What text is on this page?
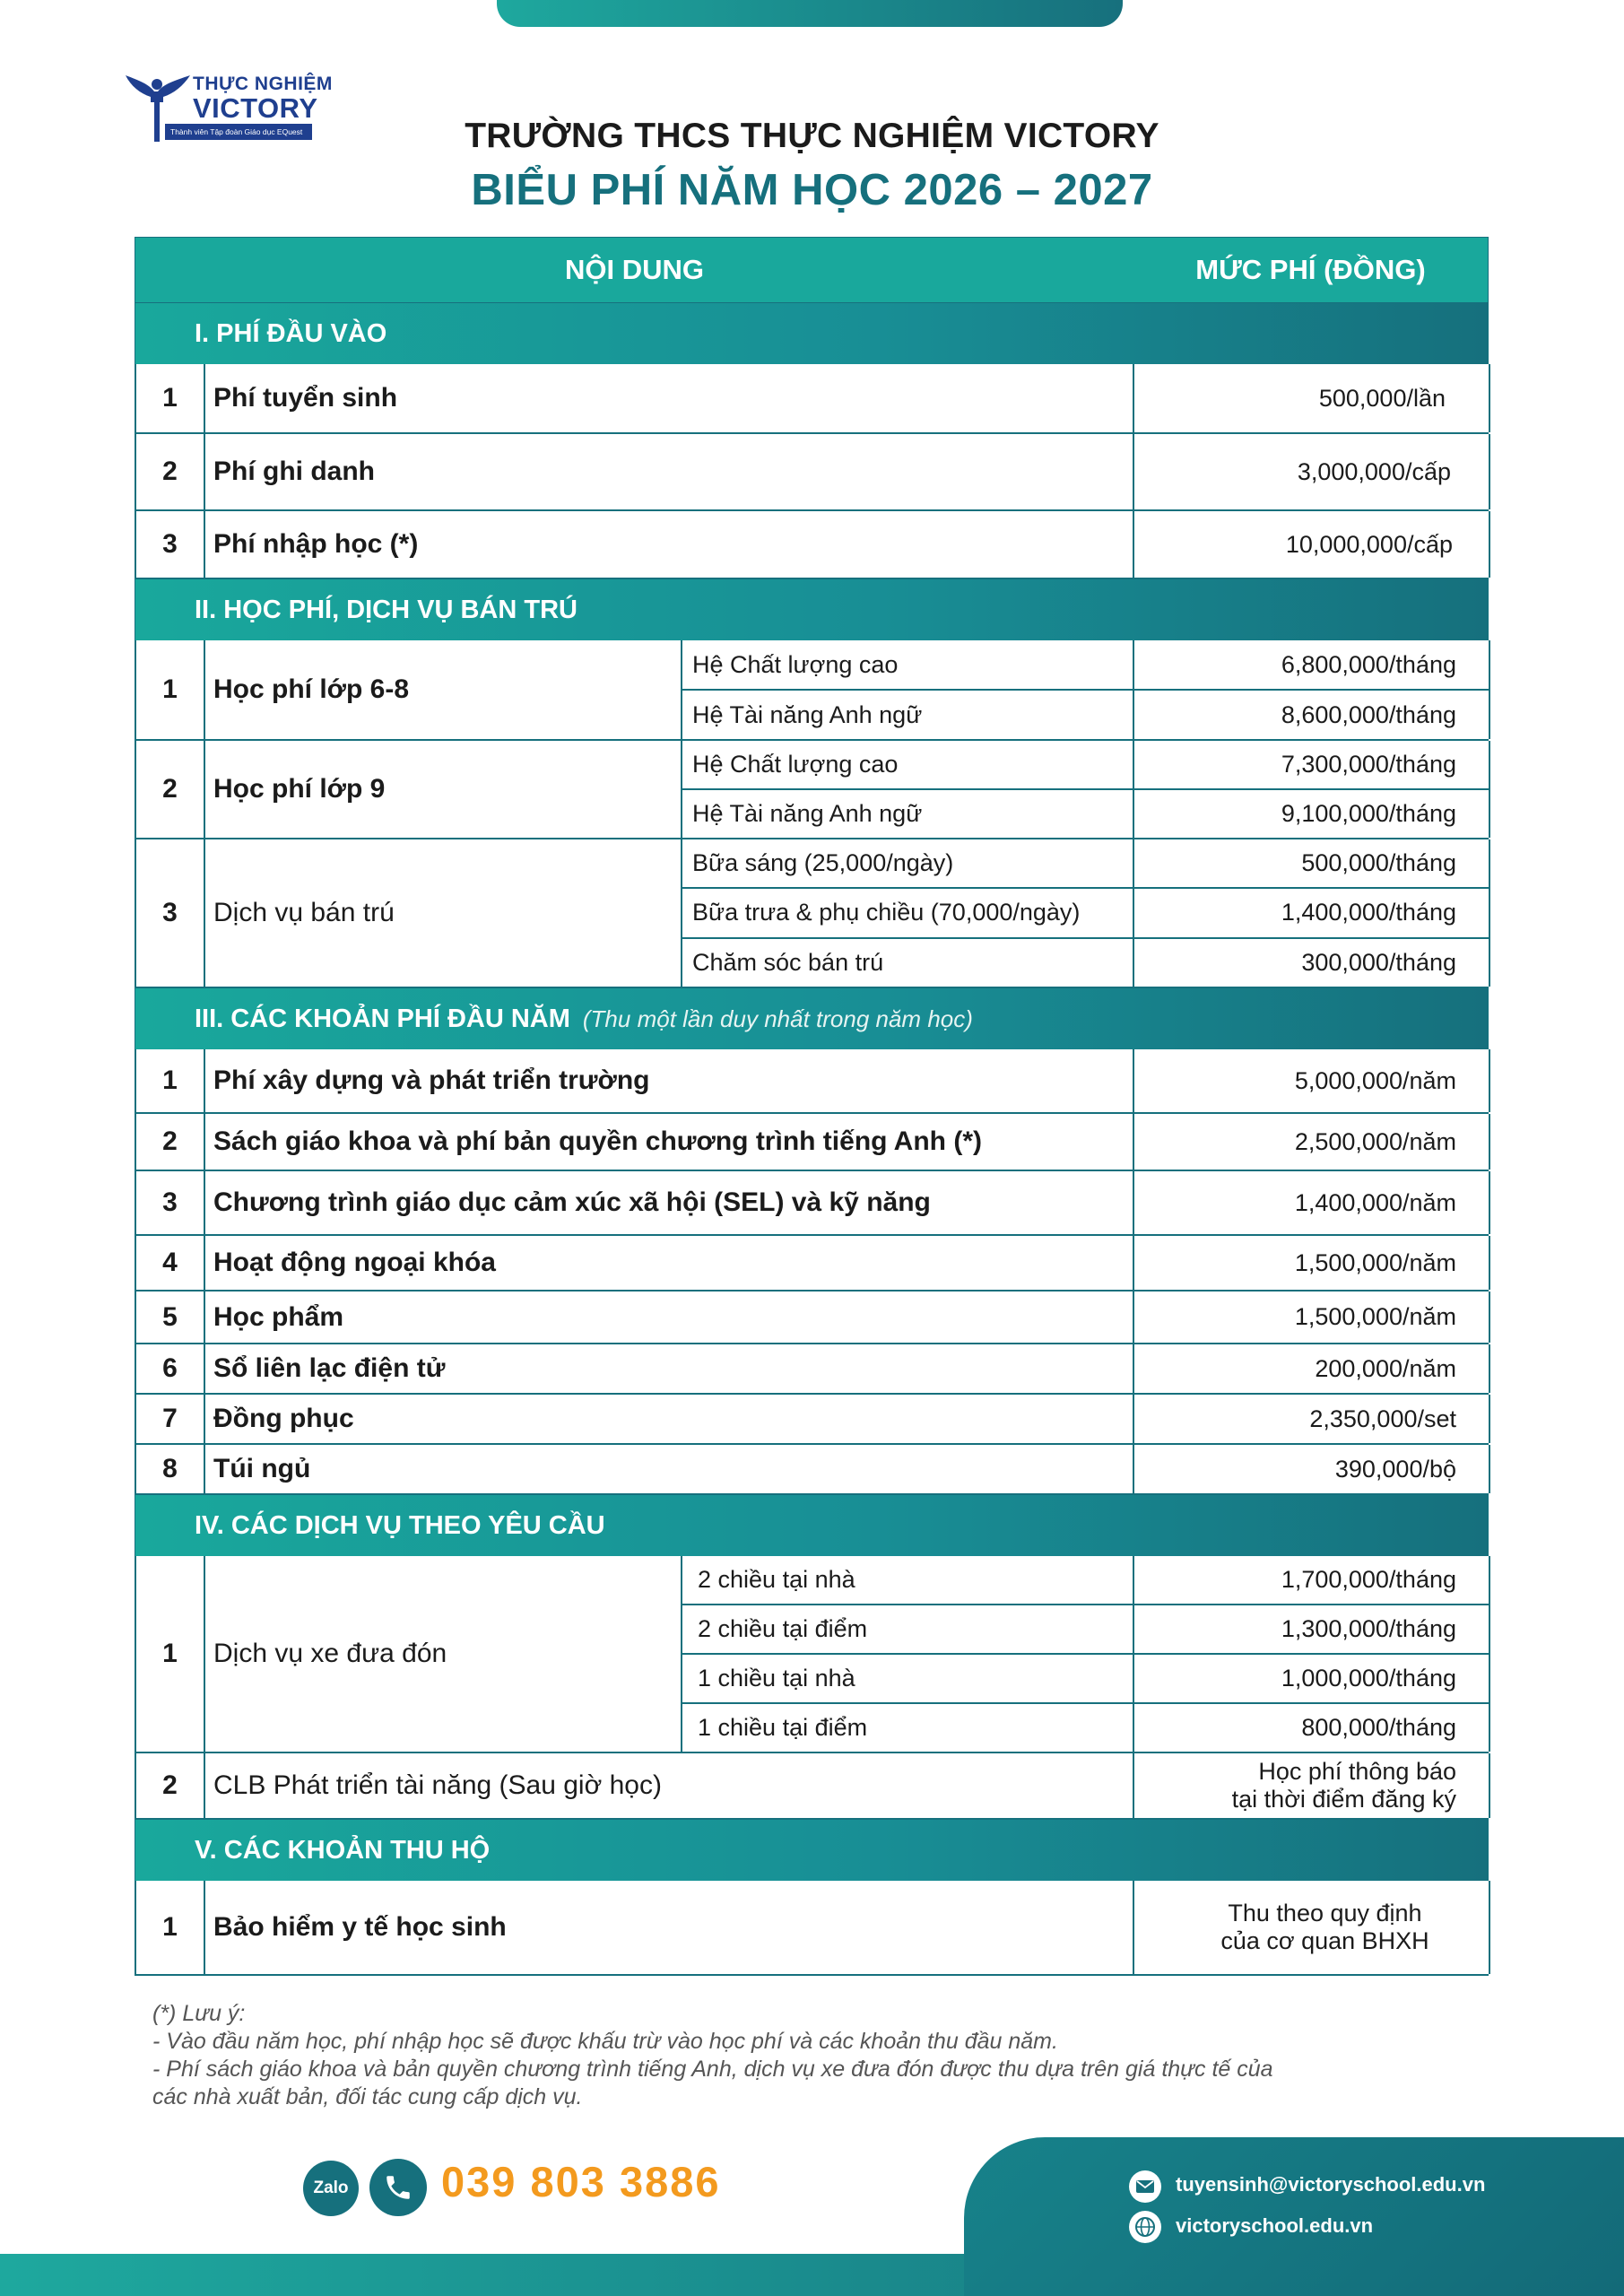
THỰC NGHIỆM
VICTORY
Thành viên Tập đoàn Giáo dục EQuest	TRƯỜNG THCS THỰC NGHIỆM VICTORY
BIỂU PHÍ NĂM HỌC 2026 – 2027
NỘI DUNG	MỨC PHÍ (ĐỒNG)
I. PHÍ ĐẦU VÀO
1	Phí tuyển sinh	500,000/lần
2	Phí ghi danh	3,000,000/cấp
3	Phí nhập học (*)	10,000,000/cấp
II. HỌC PHÍ, DỊCH VỤ BÁN TRÚ
1	Học phí lớp 6-8
Hệ Chất lượng cao	6,800,000/tháng
Hệ Tài năng Anh ngữ	8,600,000/tháng
2	Học phí lớp 9
Hệ Chất lượng cao	7,300,000/tháng
Hệ Tài năng Anh ngữ	9,100,000/tháng
3	Dịch vụ bán trú
Bữa sáng (25,000/ngày)	500,000/tháng
Bữa trưa & phụ chiều (70,000/ngày)	1,400,000/tháng
Chăm sóc bán trú	300,000/tháng
III. CÁC KHOẢN PHÍ ĐẦU NĂM (Thu một lần duy nhất trong năm học)
1	Phí xây dựng và phát triển trường	5,000,000/năm
2	Sách giáo khoa và phí bản quyền chương trình tiếng Anh (*)	2,500,000/năm
3	Chương trình giáo dục cảm xúc xã hội (SEL) và kỹ năng	1,400,000/năm
4	Hoạt động ngoại khóa	1,500,000/năm
5	Học phẩm	1,500,000/năm
6	Sổ liên lạc điện tử	200,000/năm
7	Đồng phục	2,350,000/set
8	Túi ngủ	390,000/bộ
IV. CÁC DỊCH VỤ THEO YÊU CẦU
1	Dịch vụ xe đưa đón
2 chiều tại nhà	1,700,000/tháng
2 chiều tại điểm	1,300,000/tháng
1 chiều tại nhà	1,000,000/tháng
1 chiều tại điểm	800,000/tháng
2	CLB Phát triển tài năng (Sau giờ học)	Học phí thông báo
tại thời điểm đăng ký
V. CÁC KHOẢN THU HỘ
1	Bảo hiểm y tế học sinh	Thu theo quy định
của cơ quan BHXH
(*) Lưu ý:
- Vào đầu năm học, phí nhập học sẽ được khấu trừ vào học phí và các khoản thu đầu năm.
- Phí sách giáo khoa và bản quyền chương trình tiếng Anh, dịch vụ xe đưa đón được thu dựa trên giá thực tế của
các nhà xuất bản, đối tác cung cấp dịch vụ.
Zalo 039 803 3886	tuyensinh@victoryschool.edu.vn
victoryschool.edu.vn
